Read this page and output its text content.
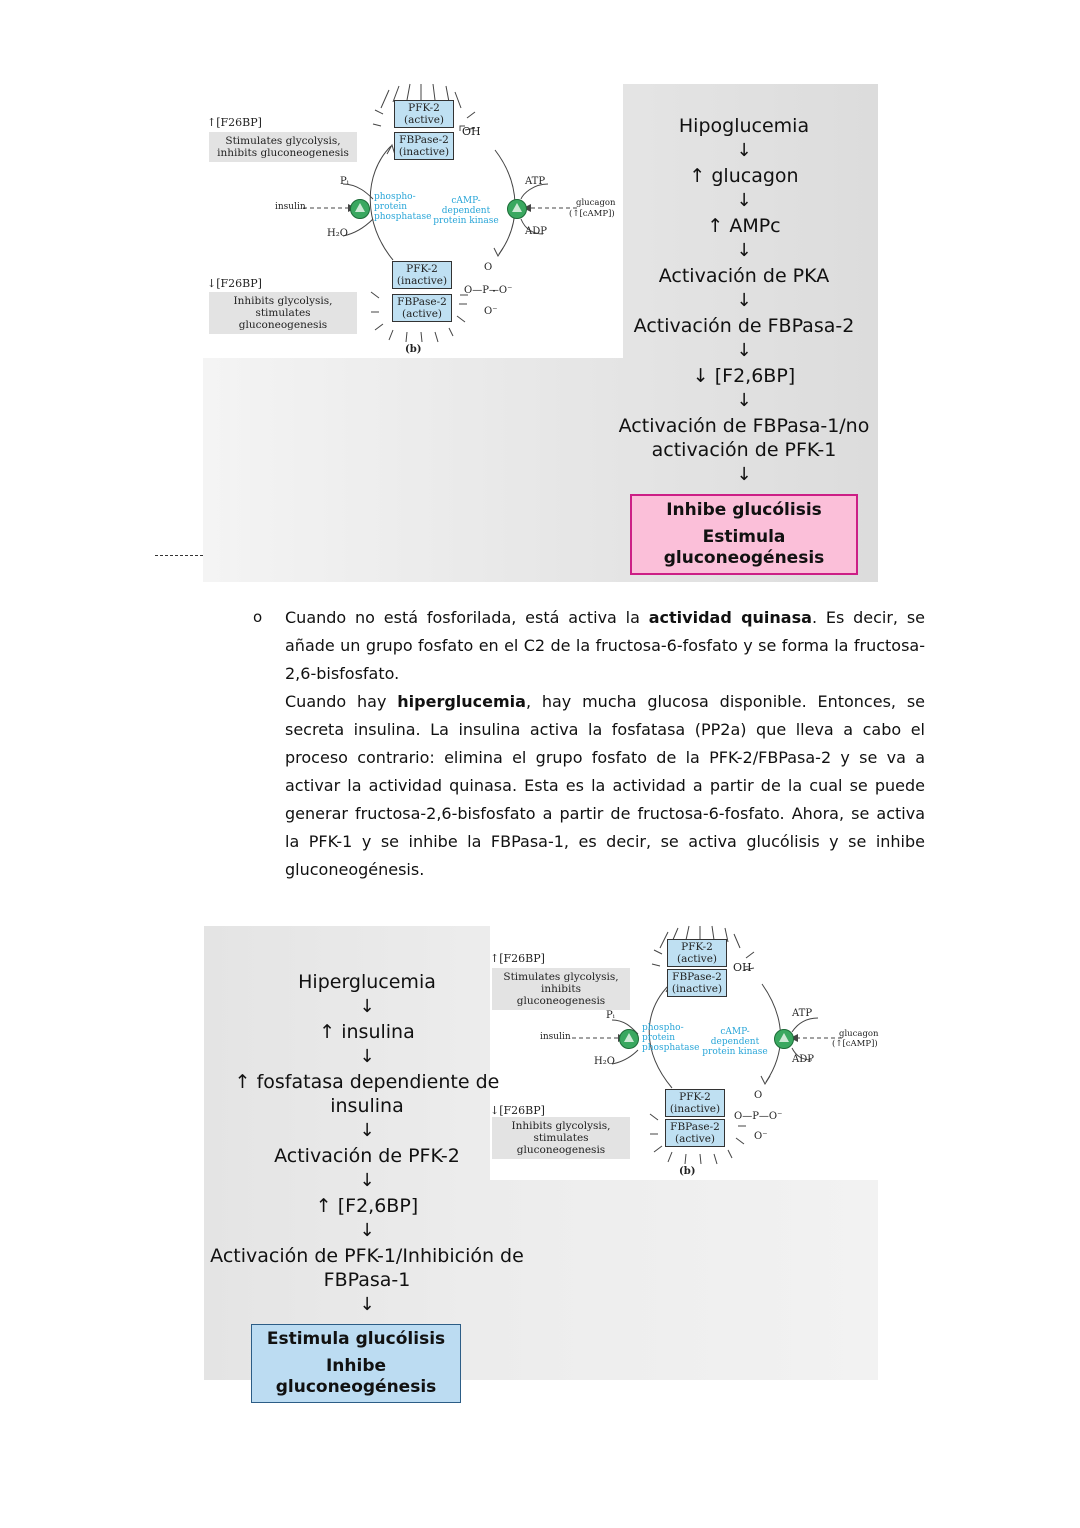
PFK-2 (active)
FBPase-2 (inactive)
OH
PFK-2 (inactive)
FBPase-2 (active)
O
O—P—O⁻
O⁻
↑[F26BP]
Stimulates glycolysis, inhibits gluconeogenesis
↓[F26BP]
Inhibits glycolysis, stimulates gluconeogenesis
Pᵢ
H₂O
insulin
phospho- protein phosphatase
cAMP-dependent protein kinase
ATP
ADP
glucagon
(↑[cAMP])
(b)
Hipoglucemia
↓
↑ glucagon
↓
↑ AMPc
↓
Activación de PKA
↓
Activación de FBPasa-2
↓
↓ [F2,6BP]
↓
Activación de FBPasa-1/no
activación de PFK-1
↓
Inhibe glucólisis
Estimula
gluconeogénesis
o Cuando no está fosforilada, está activa la actividad quinasa. Es decir, se añade un grupo fosfato en el C2 de la fructosa-6-fosfato y se forma la fructosa-2,6-bisfosfato.

Cuando hay hiperglucemia, hay mucha glucosa disponible. Entonces, se secreta insulina. La insulina activa la fosfatasa (PP2a) que lleva a cabo el proceso contrario: elimina el grupo fosfato de la PFK-2/FBPasa-2 y se va a activar la actividad quinasa. Esta es la actividad a partir de la cual se puede generar fructosa-2,6-bisfosfato a partir de fructosa-6-fosfato. Ahora, se activa la PFK-1 y se inhibe la FBPasa-1, es decir, se activa glucólisis y se inhibe gluconeogénesis.

Hiperglucemia
↓
↑ insulina
↓
↑ fosfatasa dependiente de insulina
↓
Activación de PFK-2
↓
↑ [F2,6BP]
↓
Activación de PFK-1/Inhibición de
FBPasa-1
↓
Estimula glucólisis
Inhibe
gluconeogénesis
PFK-2 (active)
FBPase-2 (inactive)
OH
PFK-2 (inactive)
FBPase-2 (active)
O
O—P—O⁻
O⁻
Pᵢ
H₂O
insulin
phospho- protein phosphatase
cAMP-dependent protein kinase
ATP
ADP
glucagon
(↑[cAMP])
(b)
↑[F26BP]
Stimulates glycolysis, inhibits gluconeogenesis
↓[F26BP]
Inhibits glycolysis, stimulates gluconeogenesis
